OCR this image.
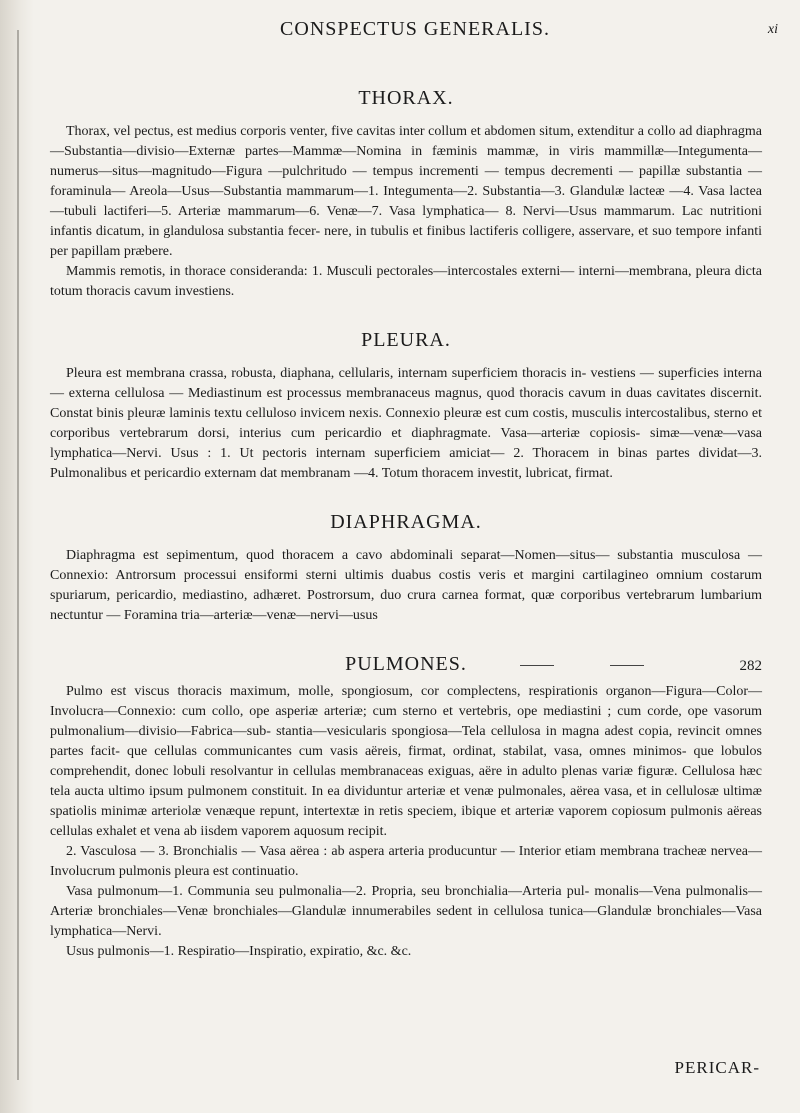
CONSPECTUS GENERALIS.	xi
THORAX.

Thorax, vel pectus, est medius corporis venter, five cavitas inter collum et abdomen situm, extenditur a collo ad diaphragma—Substantia—divisio—Externæ partes—Mammæ—Nomina in fæminis mammæ, in viris mammillæ—Integumenta—numerus—situs—magnitudo—Figura —pulchritudo — tempus incrementi — tempus decrementi — papillæ substantia — foraminula— Areola—Usus—Substantia mammarum—1. Integumenta—2. Substantia—3. Glandulæ lacteæ —4. Vasa lactea—tubuli lactiferi—5. Arteriæ mammarum—6. Venæ—7. Vasa lymphatica— 8. Nervi—Usus mammarum. Lac nutritioni infantis dicatum, in glandulosa substantia fecer- nere, in tubulis et finibus lactiferis colligere, asservare, et suo tempore infanti per papillam præbere.

Mammis remotis, in thorace considerandа: 1. Musculi pectorales—intercostales externi— interni—membrana, pleura dicta totum thoracis cavum investiens.

PLEURA.

Pleura est membrana crassa, robusta, diaphana, cellularis, internam superficiem thoracis in- vestiens — superficies interna — externa cellulosa — Mediastinum est processus membranaceus magnus, quod thoracis cavum in duas cavitates discernit. Constat binis pleuræ laminis textu celluloso invicem nexis. Connexio pleuræ est cum costis, musculis intercostalibus, sterno et corporibus vertebrarum dorsi, interius cum pericardio et diaphragmate. Vasa—arteriæ copiosis- simæ—venæ—vasa lymphatica—Nervi. Usus : 1. Ut pectoris internam superficiem amiciat— 2. Thoracem in binas partes dividat—3. Pulmonalibus et pericardio externam dat membranam —4. Totum thoracem investit, lubricat, firmat.

DIAPHRAGMA.

Diaphragma est sepimentum, quod thoracem a cavo abdominali separat—Nomen—situs— substantia musculosa — Connexio: Antrorsum processui ensiformi sterni ultimis duabus costis veris et margini cartilagineo omnium costarum spuriarum, pericardio, mediastino, adhæret. Postrorsum, duo crura carnea format, quæ corporibus vertebrarum lumbarium nectuntur — Foramina tria—arteriæ—venæ—nervi—usus

PULMONES.	282

Pulmo est viscus thoracis maximum, molle, spongiosum, cor complectens, respirationis organon—Figura—Color—Involucra—Connexio: cum collo, ope asperiæ arteriæ; cum sterno et vertebris, ope mediastini ; cum corde, ope vasorum pulmonalium—divisio—Fabrica—sub- stantia—vesicularis spongiosa—Tela cellulosa in magna adest copia, revincit omnes partes facit- que cellulas communicantes cum vasis aëreis, firmat, ordinat, stabilat, vasa, omnes minimos- que lobulos comprehendit, donec lobuli resolvantur in cellulas membranaceas exiguas, aëre in adulto plenas variæ figuræ. Cellulosa hæc tela aucta ultimo ipsum pulmonem constituit. In ea dividuntur arteriæ et venæ pulmonales, aërea vasa, et in cellulosæ ultimæ spatiolis minimæ arteriolæ venæque repunt, intertextæ in retis speciem, ibique et arteriæ vaporem copiosum pulmonis aëreas cellulas exhalet et vena ab iisdem vaporem aquosum recipit.

2. Vasculosa — 3. Bronchialis — Vasa aërea : ab aspera arteria producuntur — Interior etiam membrana tracheæ nervea—Involucrum pulmonis pleura est continuatio.

Vasa pulmonum—1. Communia seu pulmonalia—2. Propria, seu bronchialia—Arteria pul- monalis—Vena pulmonalis—Arteriæ bronchiales—Venæ bronchiales—Glandulæ innumerabiles sedent in cellulosa tunica—Glandulæ bronchiales—Vasa lymphatica—Nervi.

Usus pulmonis—1. Respiratio—Inspiratio, expiratio, &c. &c.

PERICAR-
